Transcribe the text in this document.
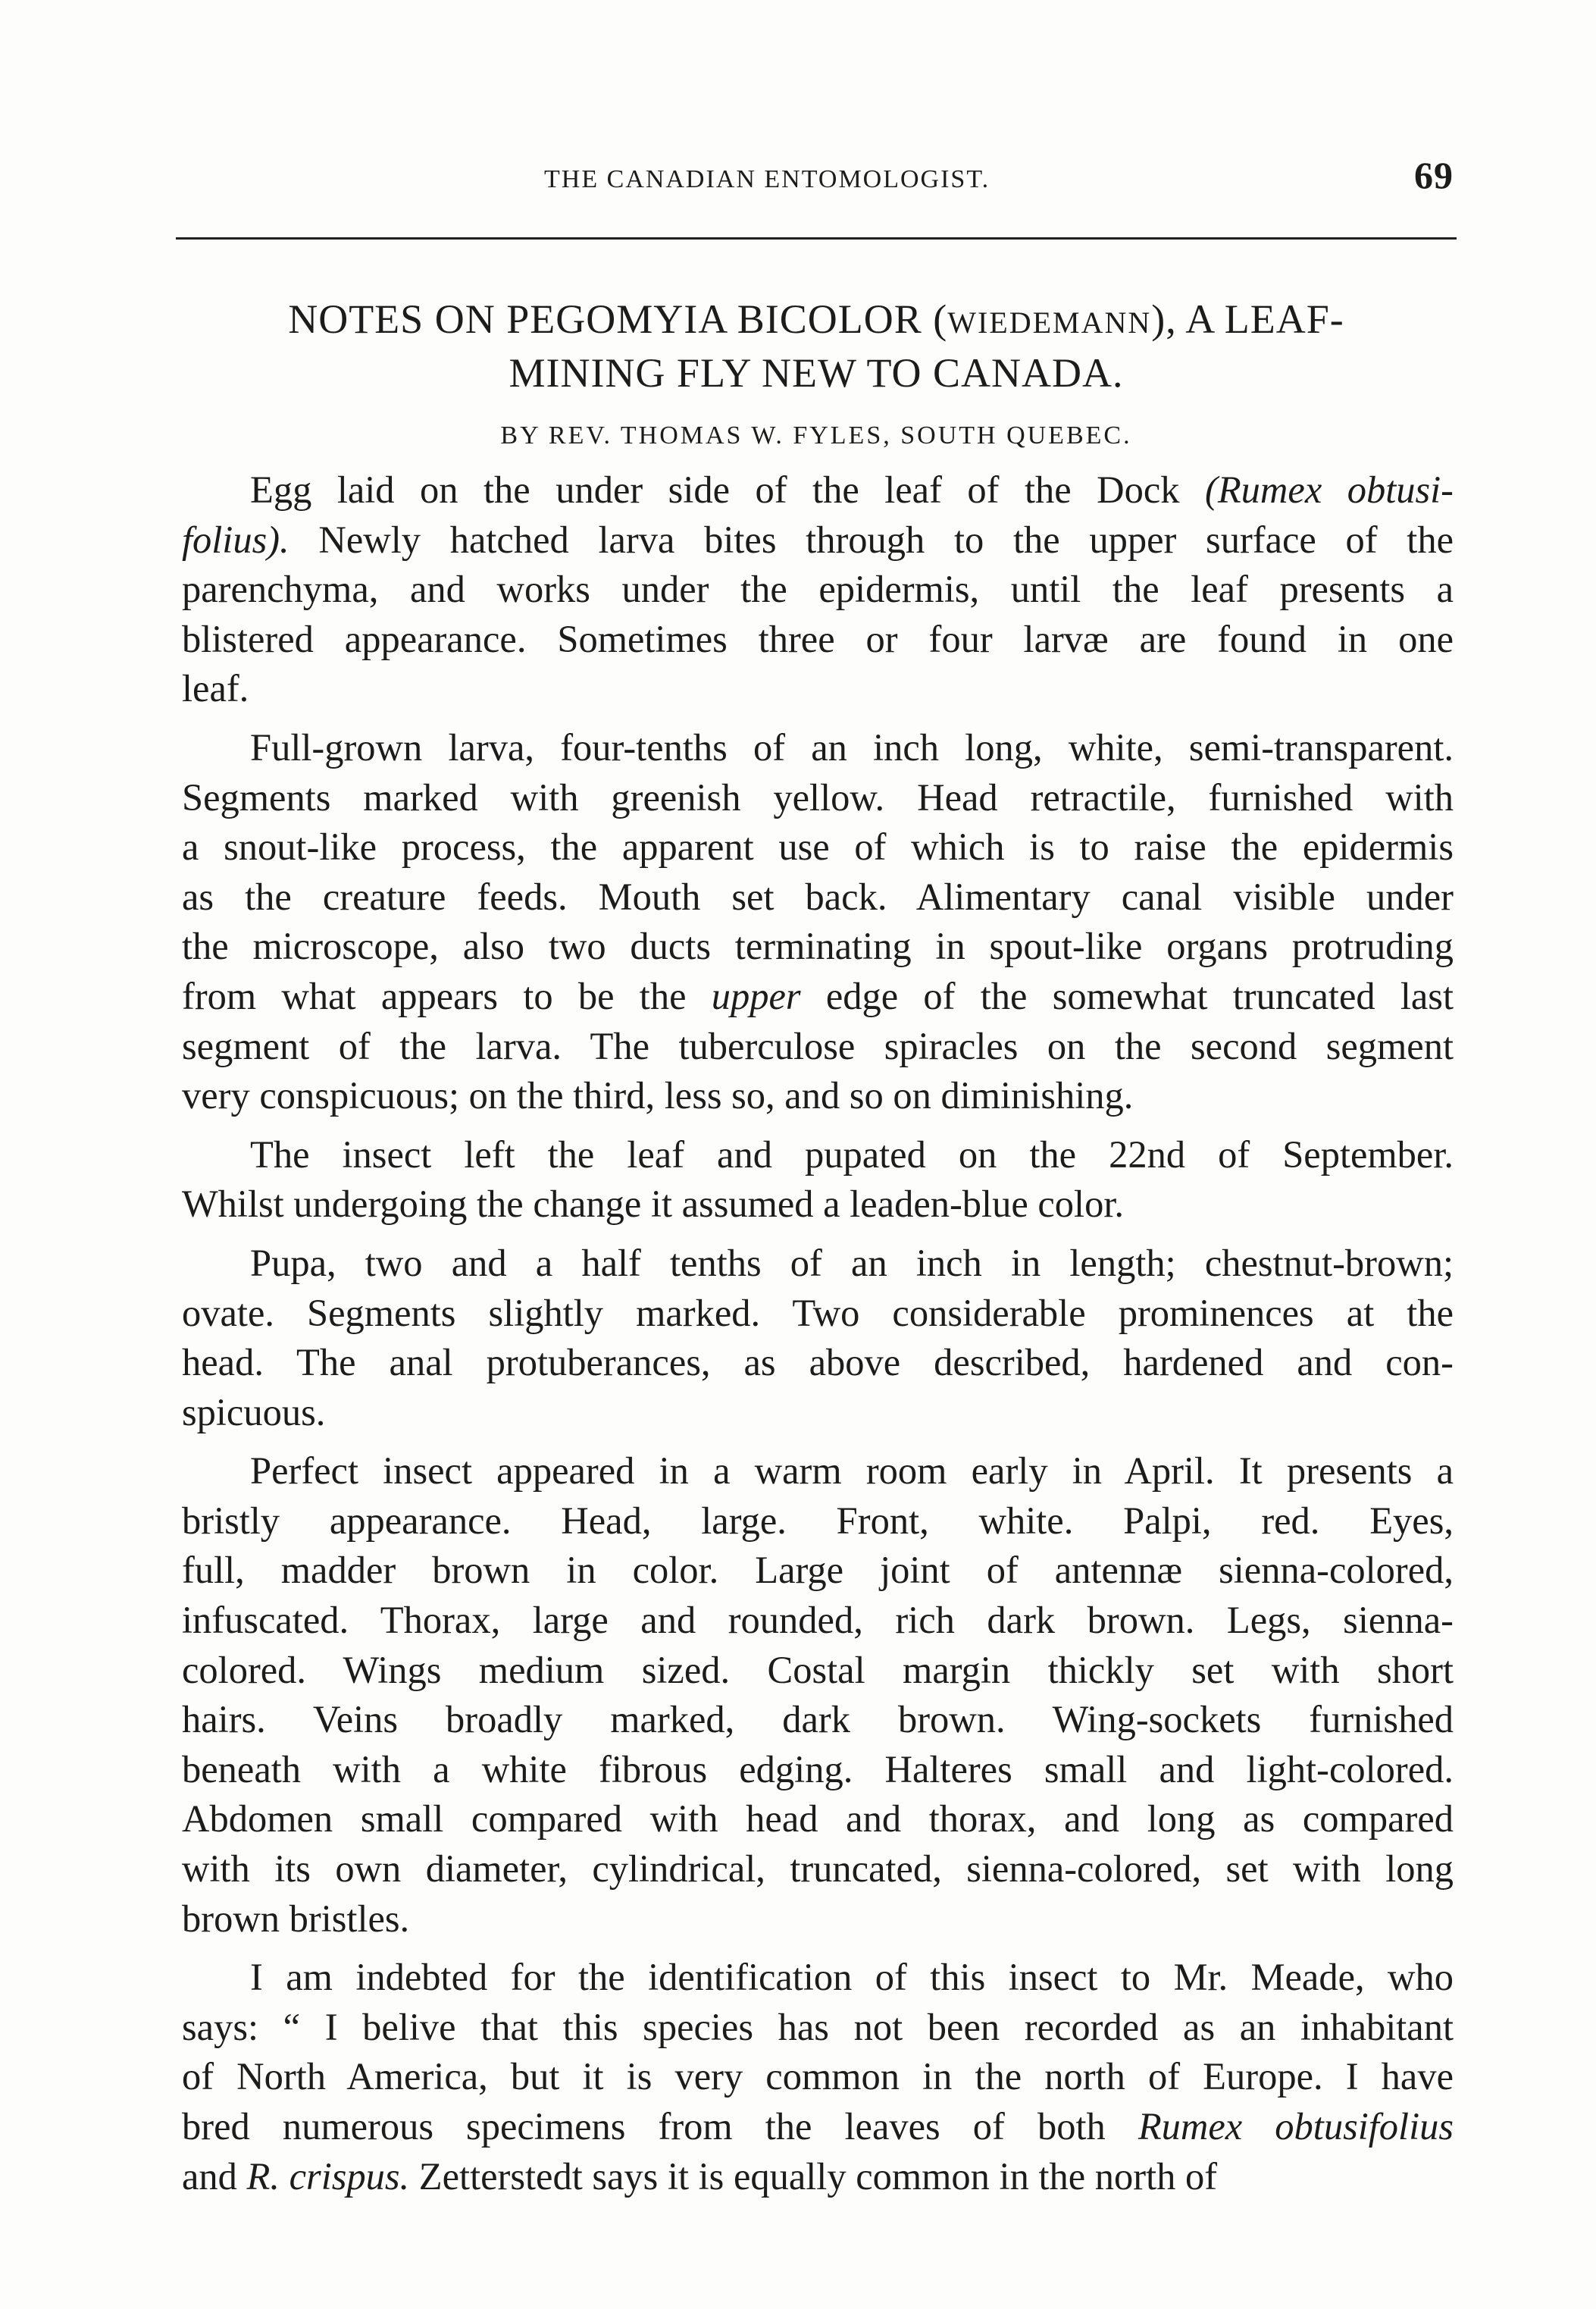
THE CANADIAN ENTOMOLOGIST.	69
NOTES ON PEGOMYIA BICOLOR (WIEDEMANN), A LEAF-
MINING FLY NEW TO CANADA.
BY REV. THOMAS W. FYLES, SOUTH QUEBEC.

Egg laid on the under side of the leaf of the Dock (Rumex obtusi-
folius). Newly hatched larva bites through to the upper surface of the
parenchyma, and works under the epidermis, until the leaf presents a
blistered appearance. Sometimes three or four larvæ are found in one
leaf.

Full-grown larva, four-tenths of an inch long, white, semi-transparent.
Segments marked with greenish yellow. Head retractile, furnished with
a snout-like process, the apparent use of which is to raise the epidermis
as the creature feeds. Mouth set back. Alimentary canal visible under
the microscope, also two ducts terminating in spout-like organs protruding
from what appears to be the upper edge of the somewhat truncated last
segment of the larva. The tuberculose spiracles on the second segment
very conspicuous; on the third, less so, and so on diminishing.

The insect left the leaf and pupated on the 22nd of September.
Whilst undergoing the change it assumed a leaden-blue color.

Pupa, two and a half tenths of an inch in length; chestnut-brown;
ovate. Segments slightly marked. Two considerable prominences at the
head. The anal protuberances, as above described, hardened and con-
spicuous.

Perfect insect appeared in a warm room early in April. It presents a
bristly appearance. Head, large. Front, white. Palpi, red. Eyes,
full, madder brown in color. Large joint of antennæ sienna-colored,
infuscated. Thorax, large and rounded, rich dark brown. Legs, sienna-
colored. Wings medium sized. Costal margin thickly set with short
hairs. Veins broadly marked, dark brown. Wing-sockets furnished
beneath with a white fibrous edging. Halteres small and light-colored.
Abdomen small compared with head and thorax, and long as compared
with its own diameter, cylindrical, truncated, sienna-colored, set with long
brown bristles.

I am indebted for the identification of this insect to Mr. Meade, who
says: “ I belive that this species has not been recorded as an inhabitant
of North America, but it is very common in the north of Europe. I have
bred numerous specimens from the leaves of both Rumex obtusifolius
and R. crispus. Zetterstedt says it is equally common in the north of
